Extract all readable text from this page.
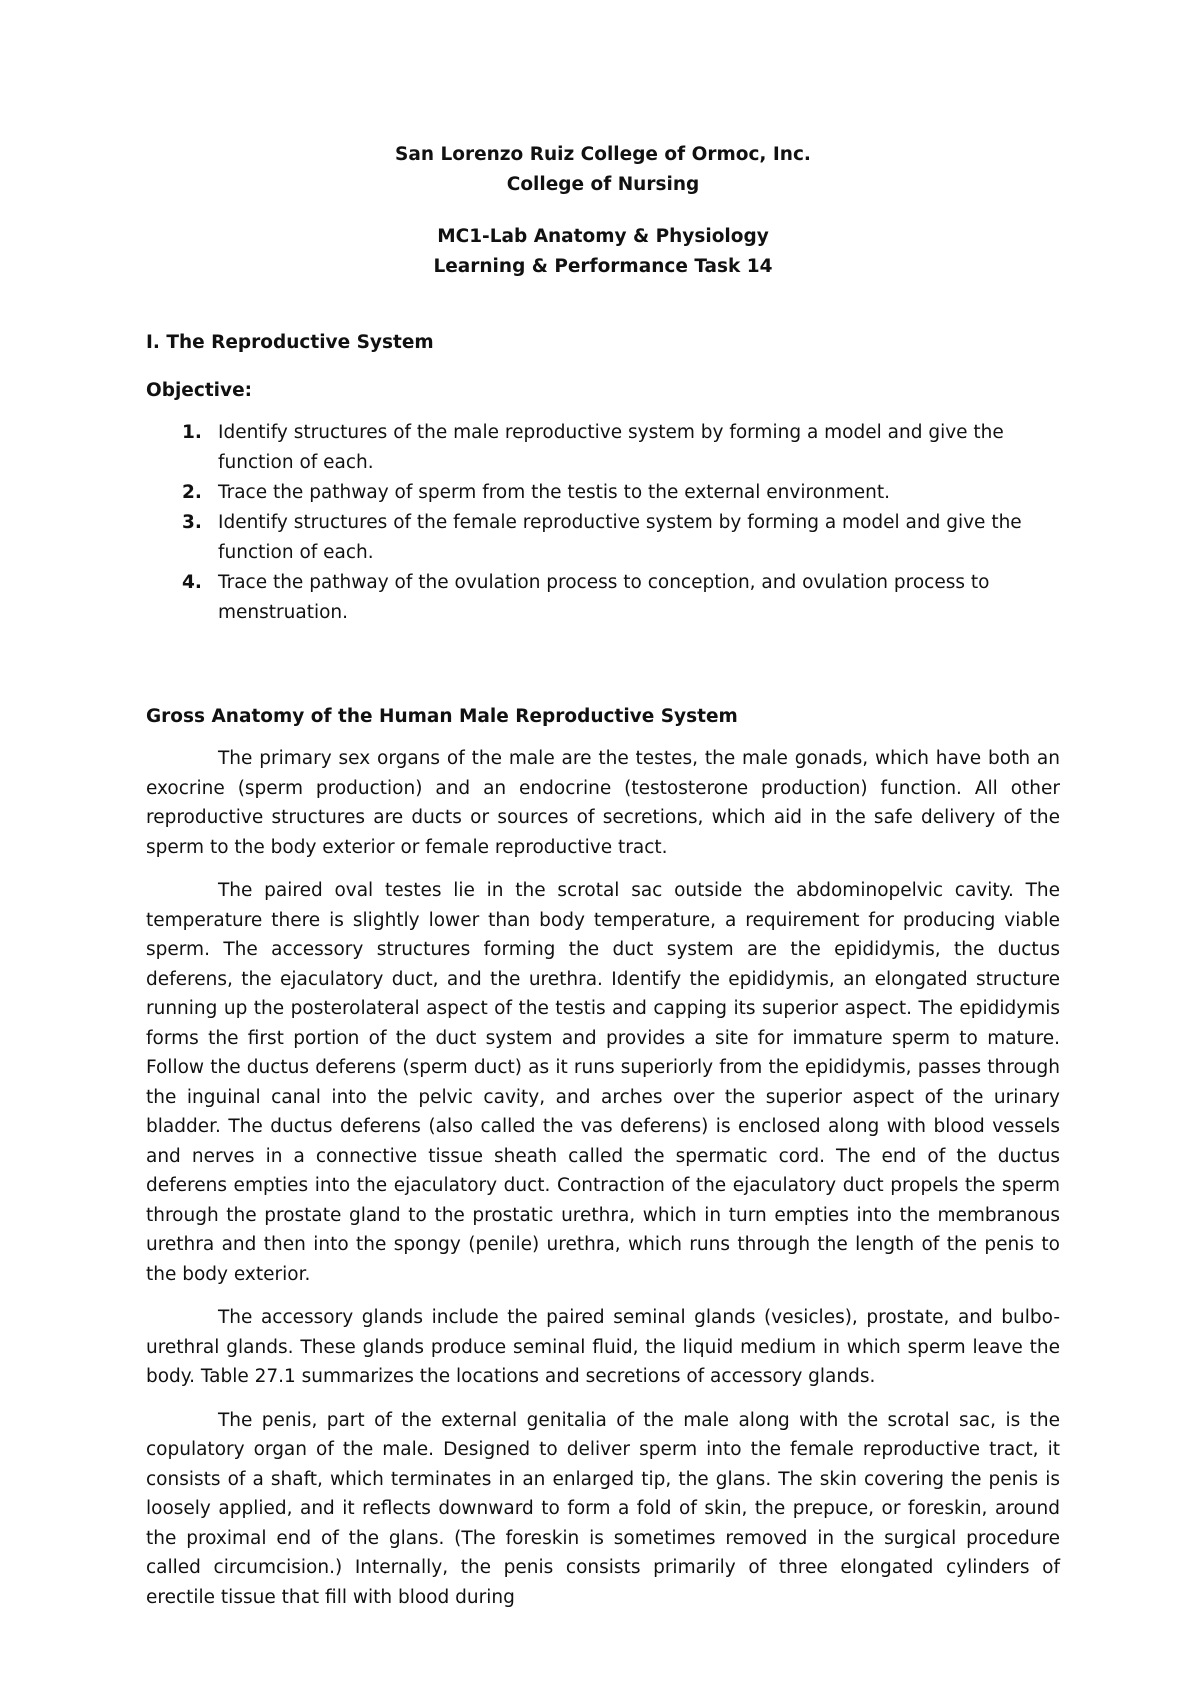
San Lorenzo Ruiz College of Ormoc, Inc.
College of Nursing
MC1-Lab Anatomy & Physiology
Learning & Performance Task 14
I. The Reproductive System
Objective:
1. Identify structures of the male reproductive system by forming a model and give the function of each.
2. Trace the pathway of sperm from the testis to the external environment.
3. Identify structures of the female reproductive system by forming a model and give the function of each.
4. Trace the pathway of the ovulation process to conception, and ovulation process to menstruation.
Gross Anatomy of the Human Male Reproductive System

The primary sex organs of the male are the testes, the male gonads, which have both an exocrine (sperm production) and an endocrine (testosterone production) function. All other reproductive structures are ducts or sources of secretions, which aid in the safe delivery of the sperm to the body exterior or female reproductive tract.

The paired oval testes lie in the scrotal sac outside the abdominopelvic cavity. The temperature there is slightly lower than body temperature, a requirement for producing viable sperm. The accessory structures forming the duct system are the epididymis, the ductus deferens, the ejaculatory duct, and the urethra. Identify the epididymis, an elongated structure running up the posterolateral aspect of the testis and capping its superior aspect. The epididymis forms the first portion of the duct system and provides a site for immature sperm to mature. Follow the ductus deferens (sperm duct) as it runs superiorly from the epididymis, passes through the inguinal canal into the pelvic cavity, and arches over the superior aspect of the urinary bladder. The ductus deferens (also called the vas deferens) is enclosed along with blood vessels and nerves in a connective tissue sheath called the spermatic cord. The end of the ductus deferens empties into the ejaculatory duct. Contraction of the ejaculatory duct propels the sperm through the prostate gland to the prostatic urethra, which in turn empties into the membranous urethra and then into the spongy (penile) urethra, which runs through the length of the penis to the body exterior.

The accessory glands include the paired seminal glands (vesicles), prostate, and bulbo-urethral glands. These glands produce seminal fluid, the liquid medium in which sperm leave the body. Table 27.1 summarizes the locations and secretions of accessory glands.

The penis, part of the external genitalia of the male along with the scrotal sac, is the copulatory organ of the male. Designed to deliver sperm into the female reproductive tract, it consists of a shaft, which terminates in an enlarged tip, the glans. The skin covering the penis is loosely applied, and it reflects downward to form a fold of skin, the prepuce, or foreskin, around the proximal end of the glans. (The foreskin is sometimes removed in the surgical procedure called circumcision.) Internally, the penis consists primarily of three elongated cylinders of erectile tissue that fill with blood during
